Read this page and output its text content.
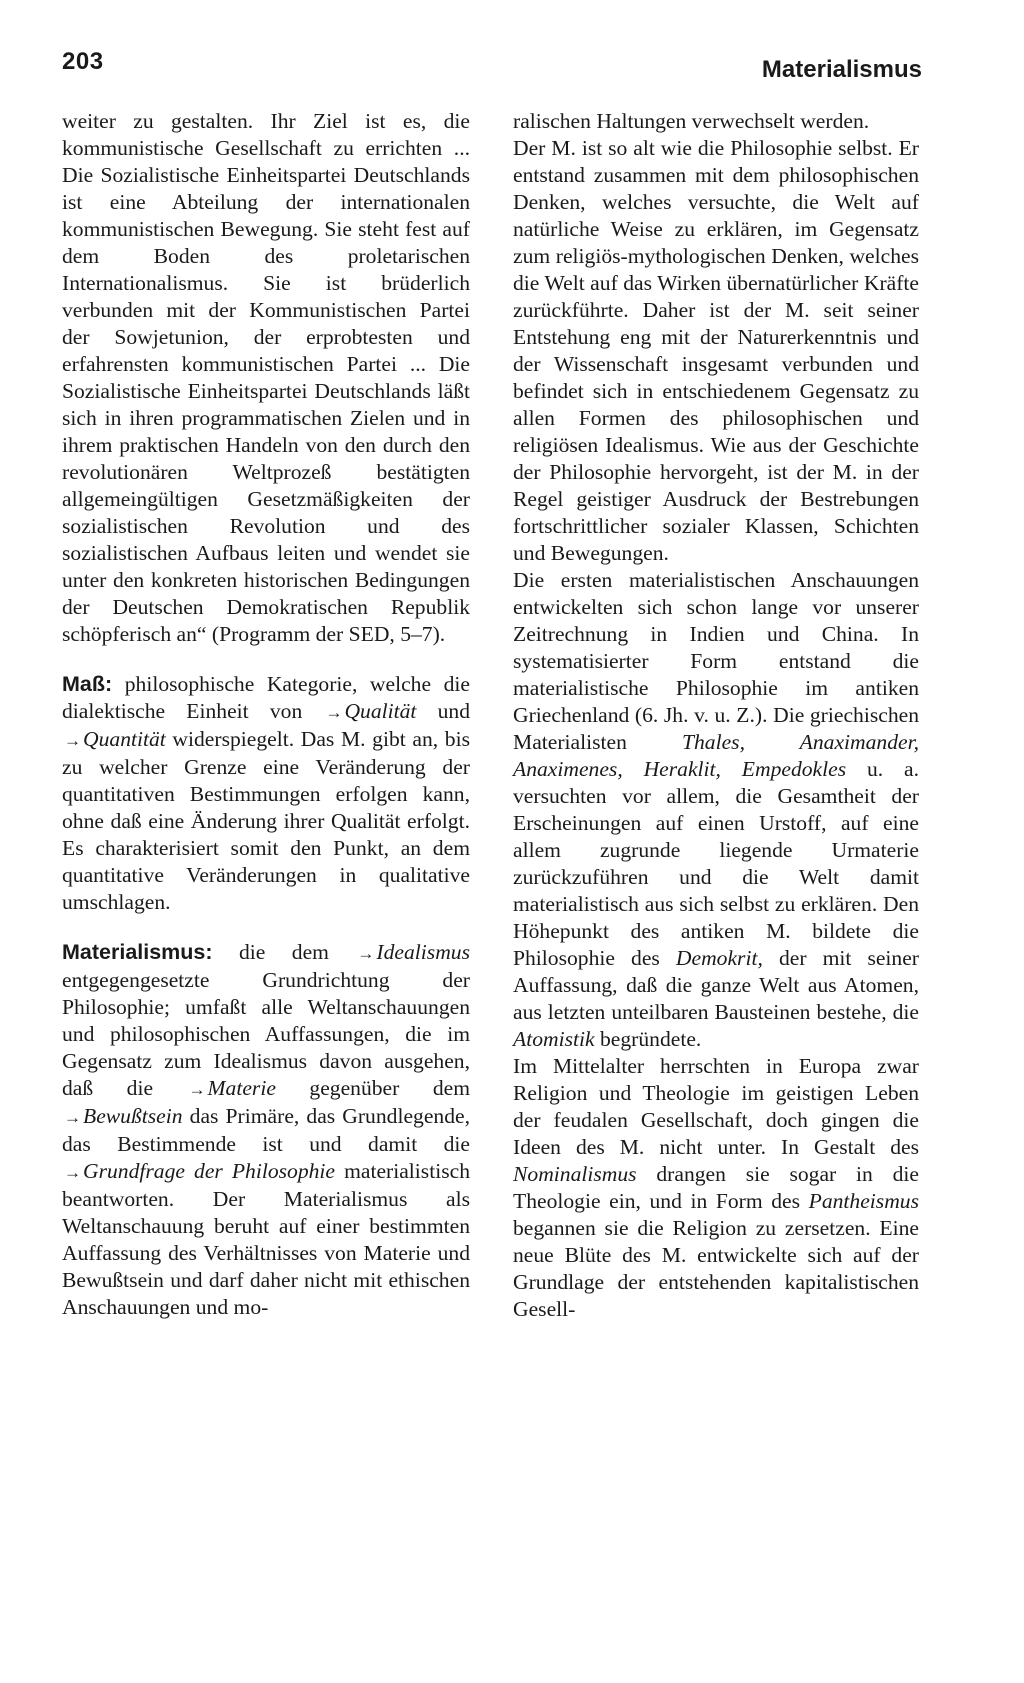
203	Materialismus

weiter zu gestalten. Ihr Ziel ist es, die kommunistische Gesellschaft zu errichten ... Die Sozialistische Einheitspartei Deutschlands ist eine Abteilung der internationalen kommunistischen Bewegung. Sie steht fest auf dem Boden des proletarischen Internationalismus. Sie ist brüderlich verbunden mit der Kommunistischen Partei der Sowjetunion, der erprobtesten und erfahrensten kommunistischen Partei ... Die Sozialistische Einheitspartei Deutschlands läßt sich in ihren programmatischen Zielen und in ihrem praktischen Handeln von den durch den revolutionären Weltprozeß bestätigten allgemeingültigen Gesetzmäßigkeiten der sozialistischen Revolution und des sozialistischen Aufbaus leiten und wendet sie unter den konkreten historischen Bedingungen der Deutschen Demokratischen Republik schöpferisch an“ (Programm der SED, 5–7).

Maß: philosophische Kategorie, welche die dialektische Einheit von →Qualität und →Quantität widerspiegelt. Das M. gibt an, bis zu welcher Grenze eine Veränderung der quantitativen Bestimmungen erfolgen kann, ohne daß eine Änderung ihrer Qualität erfolgt. Es charakterisiert somit den Punkt, an dem quantitative Veränderungen in qualitative umschlagen.

Materialismus: die dem →Idealismus entgegengesetzte Grundrichtung der Philosophie; umfaßt alle Weltanschauungen und philosophischen Auffassungen, die im Gegensatz zum Idealismus davon ausgehen, daß die →Materie gegenüber dem →Bewußtsein das Primäre, das Grundlegende, das Bestimmende ist und damit die →Grundfrage der Philosophie materialistisch beantworten. Der Materialismus als Weltanschauung beruht auf einer bestimmten Auffassung des Verhältnisses von Materie und Bewußtsein und darf daher nicht mit ethischen Anschauungen und mo-

ralischen Haltungen verwechselt werden.

Der M. ist so alt wie die Philosophie selbst. Er entstand zusammen mit dem philosophischen Denken, welches versuchte, die Welt auf natürliche Weise zu erklären, im Gegensatz zum religiös-mythologischen Denken, welches die Welt auf das Wirken übernatürlicher Kräfte zurückführte. Daher ist der M. seit seiner Entstehung eng mit der Naturerkenntnis und der Wissenschaft insgesamt verbunden und befindet sich in entschiedenem Gegensatz zu allen Formen des philosophischen und religiösen Idealismus. Wie aus der Geschichte der Philosophie hervorgeht, ist der M. in der Regel geistiger Ausdruck der Bestrebungen fortschrittlicher sozialer Klassen, Schichten und Bewegungen.

Die ersten materialistischen Anschauungen entwickelten sich schon lange vor unserer Zeitrechnung in Indien und China. In systematisierter Form entstand die materialistische Philosophie im antiken Griechenland (6. Jh. v. u. Z.). Die griechischen Materialisten Thales, Anaximander, Anaximenes, Heraklit, Empedokles u. a. versuchten vor allem, die Gesamtheit der Erscheinungen auf einen Urstoff, auf eine allem zugrunde liegende Urmaterie zurückzuführen und die Welt damit materialistisch aus sich selbst zu erklären. Den Höhepunkt des antiken M. bildete die Philosophie des Demokrit, der mit seiner Auffassung, daß die ganze Welt aus Atomen, aus letzten unteilbaren Bausteinen bestehe, die Atomistik begründete.

Im Mittelalter herrschten in Europa zwar Religion und Theologie im geistigen Leben der feudalen Gesellschaft, doch gingen die Ideen des M. nicht unter. In Gestalt des Nominalismus drangen sie sogar in die Theologie ein, und in Form des Pantheismus begannen sie die Religion zu zersetzen. Eine neue Blüte des M. entwickelte sich auf der Grundlage der entstehenden kapitalistischen Gesell-
